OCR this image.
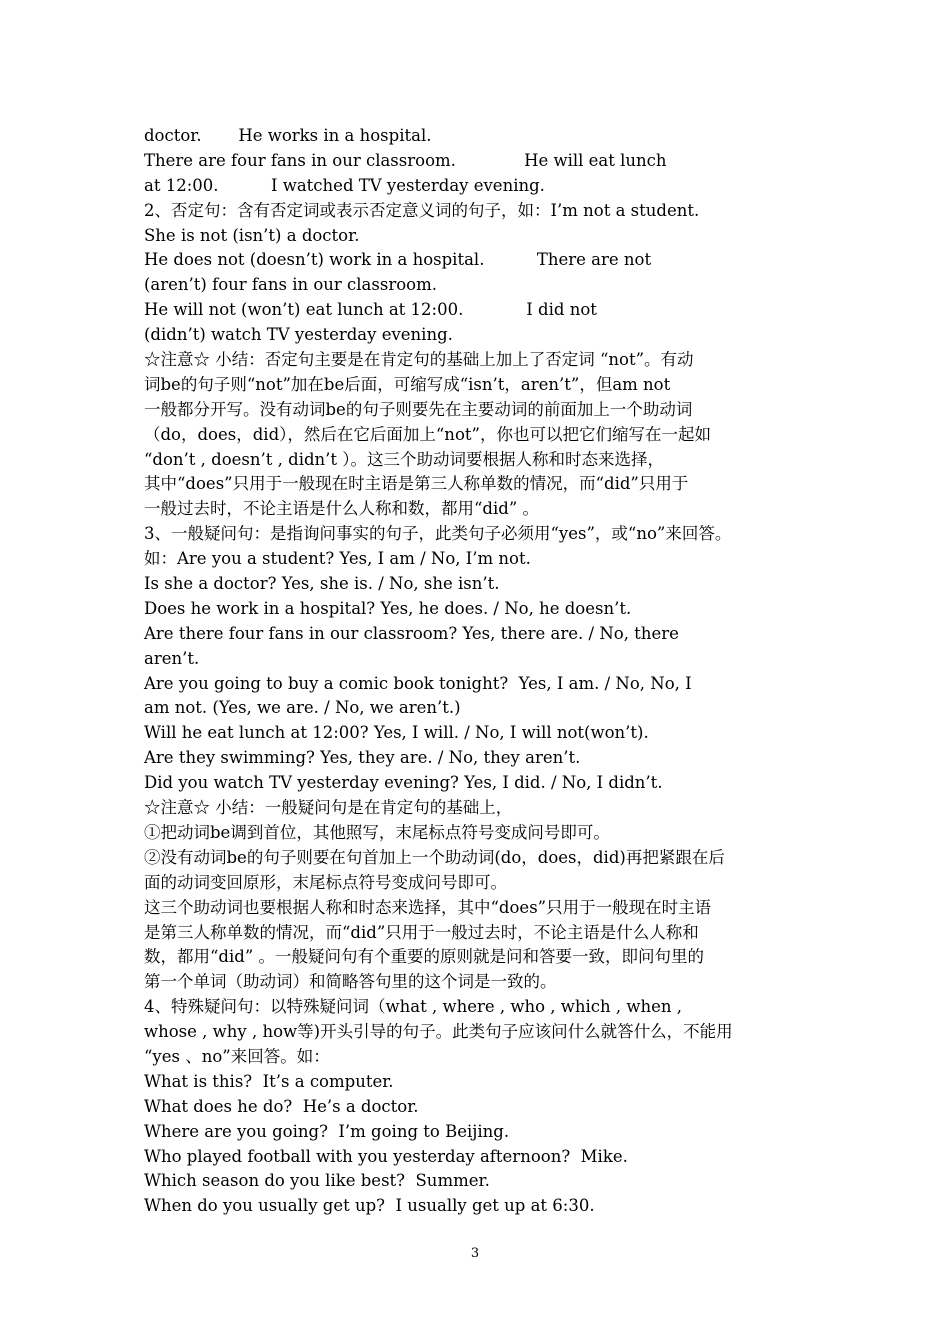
doctor.       He works in a hospital.
There are four fans in our classroom.             He will eat lunch
at 12:00.          I watched TV yesterday evening.
2、否定句：含有否定词或表示否定意义词的句子，如：I’m not a student.
She is not (isn’t) a doctor.
He does not (doesn’t) work in a hospital.          There are not
(aren’t) four fans in our classroom.
He will not (won’t) eat lunch at 12:00.            I did not
(didn’t) watch TV yesterday evening.
☆注意☆ 小结：否定句主要是在肯定句的基础上加上了否定词 “not”。有动
词be的句子则“not”加在be后面，可缩写成“isn’t，aren’t”，但am not
一般都分开写。没有动词be的句子则要先在主要动词的前面加上一个助动词
（do，does，did），然后在它后面加上“not”，你也可以把它们缩写在一起如
“don’t , doesn’t , didn’t ）。这三个助动词要根据人称和时态来选择，
其中“does”只用于一般现在时主语是第三人称单数的情况，而“did”只用于
一般过去时，不论主语是什么人称和数，都用“did” 。
3、一般疑问句：是指询问事实的句子，此类句子必须用“yes”，或“no”来回答。
如：Are you a student? Yes, I am / No, I’m not.
Is she a doctor? Yes, she is. / No, she isn’t.
Does he work in a hospital? Yes, he does. / No, he doesn’t.
Are there four fans in our classroom? Yes, there are. / No, there
aren’t.
Are you going to buy a comic book tonight?  Yes, I am. / No, No, I
am not. (Yes, we are. / No, we aren’t.)
Will he eat lunch at 12:00? Yes, I will. / No, I will not(won’t).
Are they swimming? Yes, they are. / No, they aren’t.
Did you watch TV yesterday evening? Yes, I did. / No, I didn’t.
☆注意☆ 小结：一般疑问句是在肯定句的基础上，
①把动词be调到首位，其他照写，末尾标点符号变成问号即可。
②没有动词be的句子则要在句首加上一个助动词(do，does，did)再把紧跟在后
面的动词变回原形，末尾标点符号变成问号即可。
这三个助动词也要根据人称和时态来选择，其中“does”只用于一般现在时主语
是第三人称单数的情况，而“did”只用于一般过去时，不论主语是什么人称和
数，都用“did” 。一般疑问句有个重要的原则就是问和答要一致，即问句里的
第一个单词（助动词）和简略答句里的这个词是一致的。
4、特殊疑问句：以特殊疑问词（what , where , who , which , when ,
whose , why , how等)开头引导的句子。此类句子应该问什么就答什么，不能用
“yes 、no”来回答。如：
What is this?  It’s a computer.
What does he do?  He’s a doctor.
Where are you going?  I’m going to Beijing.
Who played football with you yesterday afternoon?  Mike.
Which season do you like best?  Summer.
When do you usually get up?  I usually get up at 6:30.
3
